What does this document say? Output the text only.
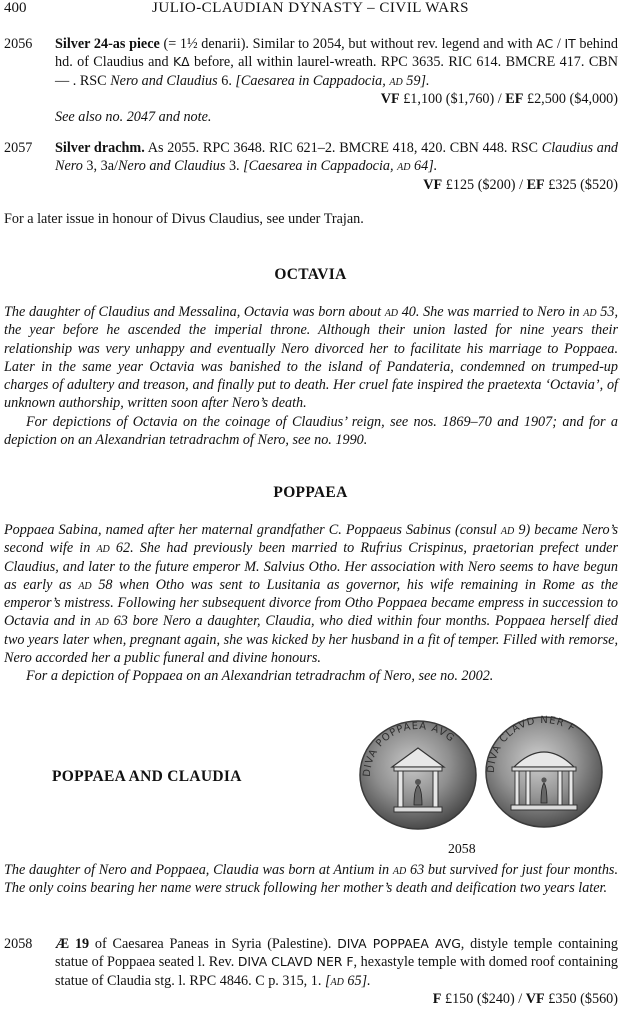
400	JULIO-CLAUDIAN DYNASTY – CIVIL WARS
2056 Silver 24-as piece (= 1½ denarii). Similar to 2054, but without rev. legend and with AC / IT behind hd. of Claudius and KΔ before, all within laurel-wreath. RPC 3635. RIC 614. BMCRE 417. CBN — . RSC Nero and Claudius 6. [Caesarea in Cappadocia, ad 59].
VF £1,100 ($1,760) / EF £2,500 ($4,000)
See also no. 2047 and note.
2057 Silver drachm. As 2055. RPC 3648. RIC 621–2. BMCRE 418, 420. CBN 448. RSC Claudius and Nero 3, 3a/Nero and Claudius 3. [Caesarea in Cappadocia, ad 64].
VF £125 ($200) / EF £325 ($520)
For a later issue in honour of Divus Claudius, see under Trajan.
OCTAVIA

The daughter of Claudius and Messalina, Octavia was born about ad 40. She was married to Nero in ad 53, the year before he ascended the imperial throne. Although their union lasted for nine years their relationship was very unhappy and eventually Nero divorced her to facilitate his marriage to Poppaea. Later in the same year Octavia was banished to the island of Pandateria, condemned on trumped-up charges of adultery and treason, and finally put to death. Her cruel fate inspired the praetexta ‘Octavia’, of unknown authorship, written soon after Nero’s death.

For depictions of Octavia on the coinage of Claudius’ reign, see nos. 1869–70 and 1907; and for a depiction on an Alexandrian tetradrachm of Nero, see no. 1990.

POPPAEA

Poppaea Sabina, named after her maternal grandfather C. Poppaeus Sabinus (consul ad 9) became Nero’s second wife in ad 62. She had previously been married to Rufrius Crispinus, praetorian prefect under Claudius, and later to the future emperor M. Salvius Otho. Her association with Nero seems to have begun as early as ad 58 when Otho was sent to Lusitania as governor, his wife remaining in Rome as the emperor’s mistress. Following her subsequent divorce from Otho Poppaea became empress in succession to Octavia and in ad 63 bore Nero a daughter, Claudia, who died within four months. Poppaea herself died two years later when, pregnant again, she was kicked by her husband in a fit of temper. Filled with remorse, Nero accorded her a public funeral and divine honours.

For a depiction of Poppaea on an Alexandrian tetradrachm of Nero, see no. 2002.

POPPAEA AND CLAUDIA	DIVA POPPAEA AVG
DIVA CLAVD NER F
2058

The daughter of Nero and Poppaea, Claudia was born at Antium in ad 63 but survived for just four months. The only coins bearing her name were struck following her mother’s death and deification two years later.

2058 Æ 19 of Caesarea Paneas in Syria (Palestine). DIVA POPPAEA AVG, distyle temple containing statue of Poppaea seated l. Rev. DIVA CLAVD NER F, hexastyle temple with domed roof containing statue of Claudia stg. l. RPC 4846. C p. 315, 1. [ad 65].
F £150 ($240) / VF £350 ($560)
